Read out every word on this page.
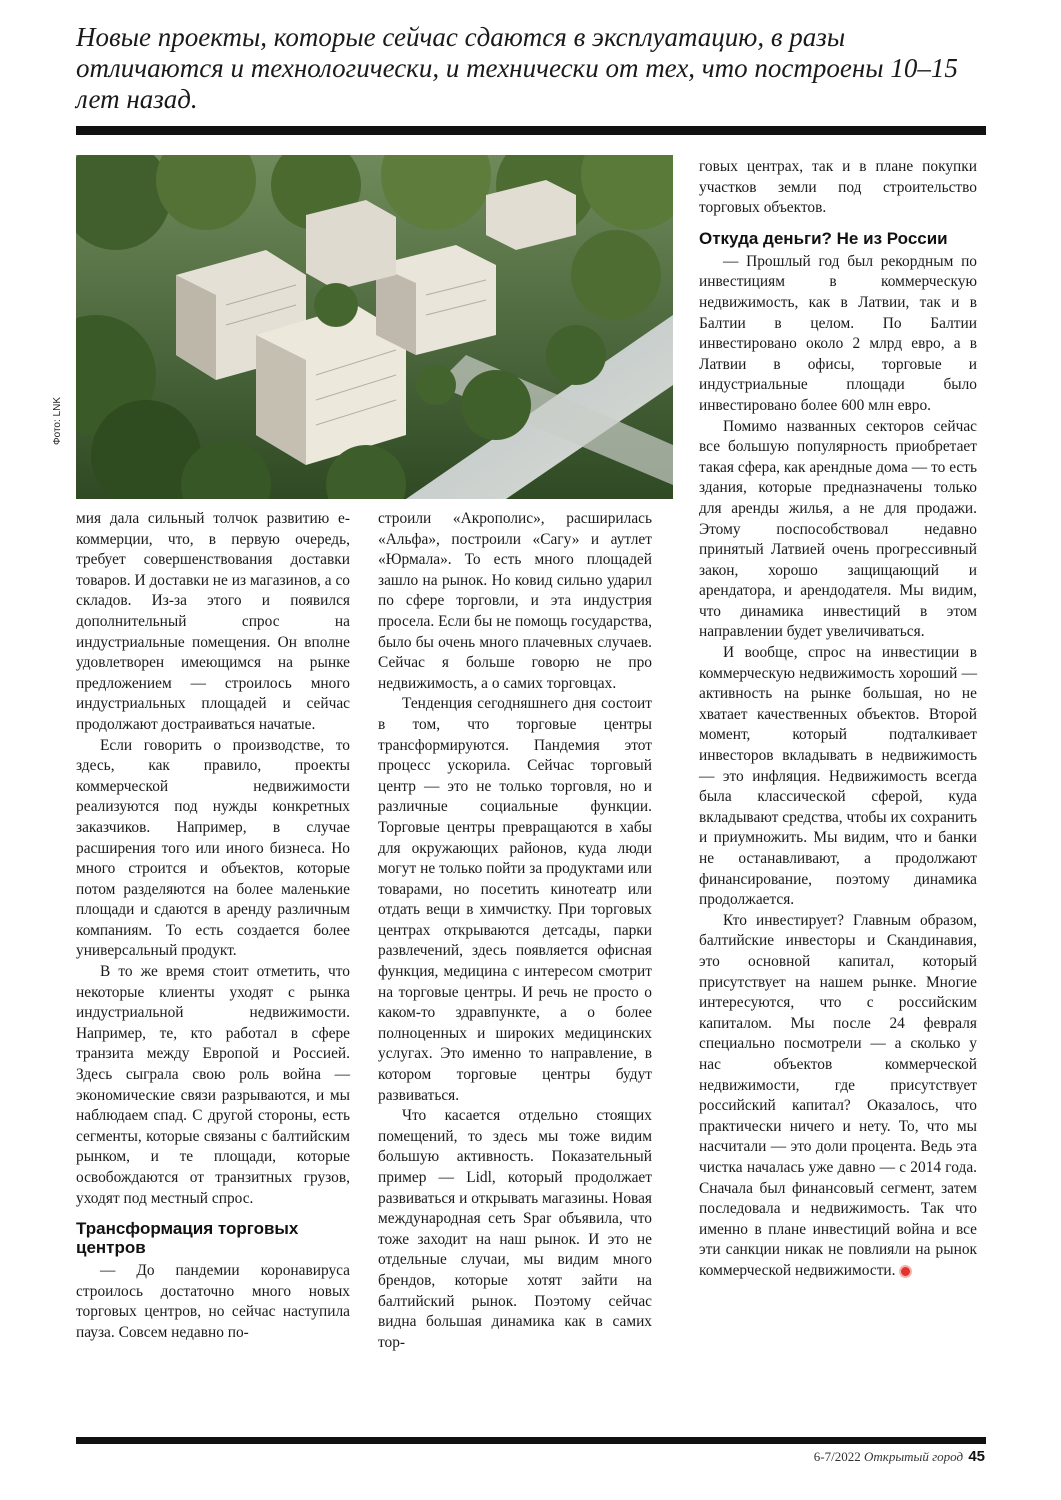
Новые проекты, которые сейчас сдаются в эксплуатацию, в разы отличаются и технологически, и технически от тех, что построены 10–15 лет назад.
Фото: LNK

мия дала сильный толчок развитию e-коммерции, что, в первую очередь, требует совершенствования доставки товаров. И доставки не из магазинов, а со складов. Из-за этого и появился дополнительный спрос на индустриальные помещения. Он вполне удовлетворен имеющимся на рынке предложением — строилось много индустриальных площадей и сейчас продолжают достраиваться начатые.

Если говорить о производстве, то здесь, как правило, проекты коммерческой недвижимости реализуются под нужды конкретных заказчиков. Например, в случае расширения того или иного бизнеса. Но много строится и объектов, которые потом разделяются на более маленькие площади и сдаются в аренду различным компаниям. То есть создается более универсальный продукт.

В то же время стоит отметить, что некоторые клиенты уходят с рынка индустриальной недвижимости. Например, те, кто работал в сфере транзита между Европой и Россией. Здесь сыграла свою роль война — экономические связи разрываются, и мы наблюдаем спад. С другой стороны, есть сегменты, которые связаны с балтийским рынком, и те площади, которые освобождаются от транзитных грузов, уходят под местный спрос.

Трансформация торговых центров

— До пандемии коронавируса строилось достаточно много новых торговых центров, но сейчас наступила пауза. Совсем недавно по-

строили «Акрополис», расширилась «Альфа», построили «Сагу» и аутлет «Юрмала». То есть много площадей зашло на рынок. Но ковид сильно ударил по сфере торговли, и эта индустрия просела. Если бы не помощь государства, было бы очень много плачевных случаев. Сейчас я больше говорю не про недвижимость, а о самих торговцах.

Тенденция сегодняшнего дня состоит в том, что торговые центры трансформируются. Пандемия этот процесс ускорила. Сейчас торговый центр — это не только торговля, но и различные социальные функции. Торговые центры превращаются в хабы для окружающих районов, куда люди могут не только пойти за продуктами или товарами, но посетить кинотеатр или отдать вещи в химчистку. При торговых центрах открываются детсады, парки развлечений, здесь появляется офисная функция, медицина с интересом смотрит на торговые центры. И речь не просто о каком-то здравпункте, а о более полноценных и широких медицинских услугах. Это именно то направление, в котором торговые центры будут развиваться.

Что касается отдельно стоящих помещений, то здесь мы тоже видим большую активность. Показательный пример — Lidl, который продолжает развиваться и открывать магазины. Новая международная сеть Spar объявила, что тоже заходит на наш рынок. И это не отдельные случаи, мы видим много брендов, которые хотят зайти на балтийский рынок. Поэтому сейчас видна большая динамика как в самих тор-

говых центрах, так и в плане покупки участков земли под строительство торговых объектов.

Откуда деньги? Не из России

— Прошлый год был рекордным по инвестициям в коммерческую недвижимость, как в Латвии, так и в Балтии в целом. По Балтии инвестировано около 2 млрд евро, а в Латвии в офисы, торговые и индустриальные площади было инвестировано более 600 млн евро.

Помимо названных секторов сейчас все большую популярность приобретает такая сфера, как арендные дома — то есть здания, которые предназначены только для аренды жилья, а не для продажи. Этому поспособствовал недавно принятый Латвией очень прогрессивный закон, хорошо защищающий и арендатора, и арендодателя. Мы видим, что динамика инвестиций в этом направлении будет увеличиваться.

И вообще, спрос на инвестиции в коммерческую недвижимость хороший — активность на рынке большая, но не хватает качественных объектов. Второй момент, который подталкивает инвесторов вкладывать в недвижимость — это инфляция. Недвижимость всегда была классической сферой, куда вкладывают средства, чтобы их сохранить и приумножить. Мы видим, что и банки не останавливают, а продолжают финансирование, поэтому динамика продолжается.

Кто инвестирует? Главным образом, балтийские инвесторы и Скандинавия, это основной капитал, который присутствует на нашем рынке. Многие интересуются, что с российским капиталом. Мы после 24 февраля специально посмотрели — а сколько у нас объектов коммерческой недвижимости, где присутствует российский капитал? Оказалось, что практически ничего и нету. То, что мы насчитали — это доли процента. Ведь эта чистка началась уже давно — с 2014 года. Сначала был финансовый сегмент, затем последовала и недвижимость. Так что именно в плане инвестиций война и все эти санкции никак не повлияли на рынок коммерческой недвижимости.

6-7/2022 Открытый город 45
